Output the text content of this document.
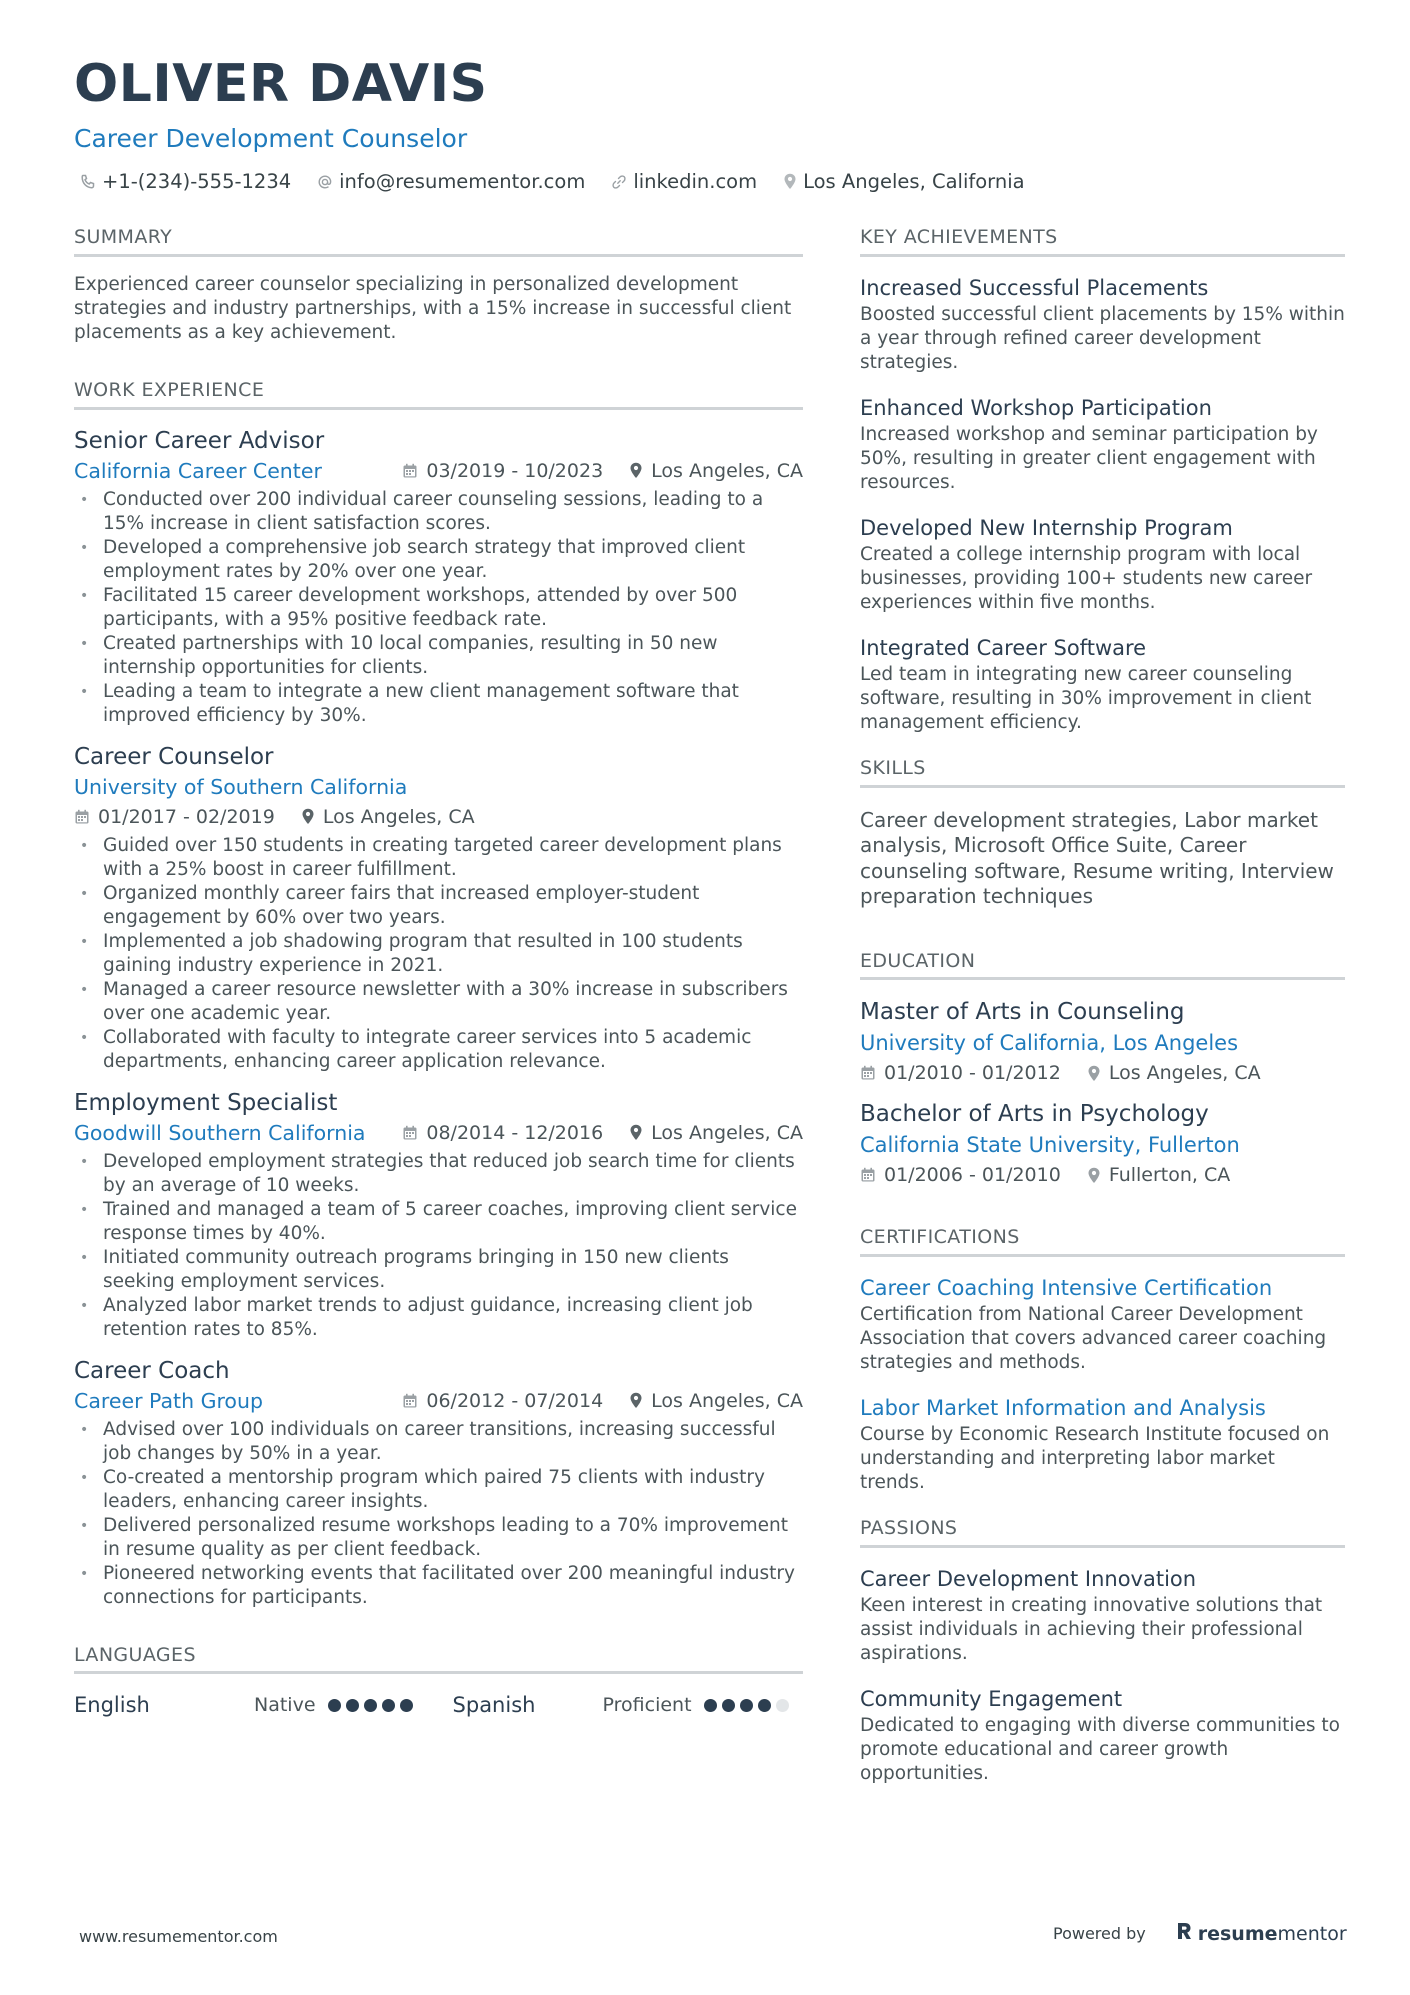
OLIVER DAVIS
Career Development Counselor
+1-(234)-555-1234 info@resumementor.com linkedin.com Los Angeles, California
SUMMARY
Experienced career counselor specializing in personalized development strategies and industry partnerships, with a 15% increase in successful client placements as a key achievement.
WORK EXPERIENCE
Senior Career Advisor
California Career Center	03/2019 - 10/2023	Los Angeles, CA
• Conducted over 200 individual career counseling sessions, leading to a 15% increase in client satisfaction scores.
• Developed a comprehensive job search strategy that improved client employment rates by 20% over one year.
• Facilitated 15 career development workshops, attended by over 500 participants, with a 95% positive feedback rate.
• Created partnerships with 10 local companies, resulting in 50 new internship opportunities for clients.
• Leading a team to integrate a new client management software that improved efficiency by 30%.
Career Counselor
University of Southern California
01/2017 - 02/2019	Los Angeles, CA
• Guided over 150 students in creating targeted career development plans with a 25% boost in career fulfillment.
• Organized monthly career fairs that increased employer-student engagement by 60% over two years.
• Implemented a job shadowing program that resulted in 100 students gaining industry experience in 2021.
• Managed a career resource newsletter with a 30% increase in subscribers over one academic year.
• Collaborated with faculty to integrate career services into 5 academic departments, enhancing career application relevance.
Employment Specialist
Goodwill Southern California	08/2014 - 12/2016	Los Angeles, CA
• Developed employment strategies that reduced job search time for clients by an average of 10 weeks.
• Trained and managed a team of 5 career coaches, improving client service response times by 40%.
• Initiated community outreach programs bringing in 150 new clients seeking employment services.
• Analyzed labor market trends to adjust guidance, increasing client job retention rates to 85%.
Career Coach
Career Path Group	06/2012 - 07/2014	Los Angeles, CA
• Advised over 100 individuals on career transitions, increasing successful job changes by 50% in a year.
• Co-created a mentorship program which paired 75 clients with industry leaders, enhancing career insights.
• Delivered personalized resume workshops leading to a 70% improvement in resume quality as per client feedback.
• Pioneered networking events that facilitated over 200 meaningful industry connections for participants.
LANGUAGES
English	Native	Spanish	Proficient
KEY ACHIEVEMENTS
Increased Successful Placements
Boosted successful client placements by 15% within a year through refined career development strategies.
Enhanced Workshop Participation
Increased workshop and seminar participation by 50%, resulting in greater client engagement with resources.
Developed New Internship Program
Created a college internship program with local businesses, providing 100+ students new career experiences within five months.
Integrated Career Software
Led team in integrating new career counseling software, resulting in 30% improvement in client management efficiency.
SKILLS
Career development strategies, Labor market analysis, Microsoft Office Suite, Career counseling software, Resume writing, Interview preparation techniques
EDUCATION
Master of Arts in Counseling
University of California, Los Angeles
01/2010 - 01/2012	Los Angeles, CA
Bachelor of Arts in Psychology
California State University, Fullerton
01/2006 - 01/2010	Fullerton, CA
CERTIFICATIONS
Career Coaching Intensive Certification
Certification from National Career Development Association that covers advanced career coaching strategies and methods.
Labor Market Information and Analysis
Course by Economic Research Institute focused on understanding and interpreting labor market trends.
PASSIONS
Career Development Innovation
Keen interest in creating innovative solutions that assist individuals in achieving their professional aspirations.
Community Engagement
Dedicated to engaging with diverse communities to promote educational and career growth opportunities.
www.resumementor.com	Powered by	resumementor
